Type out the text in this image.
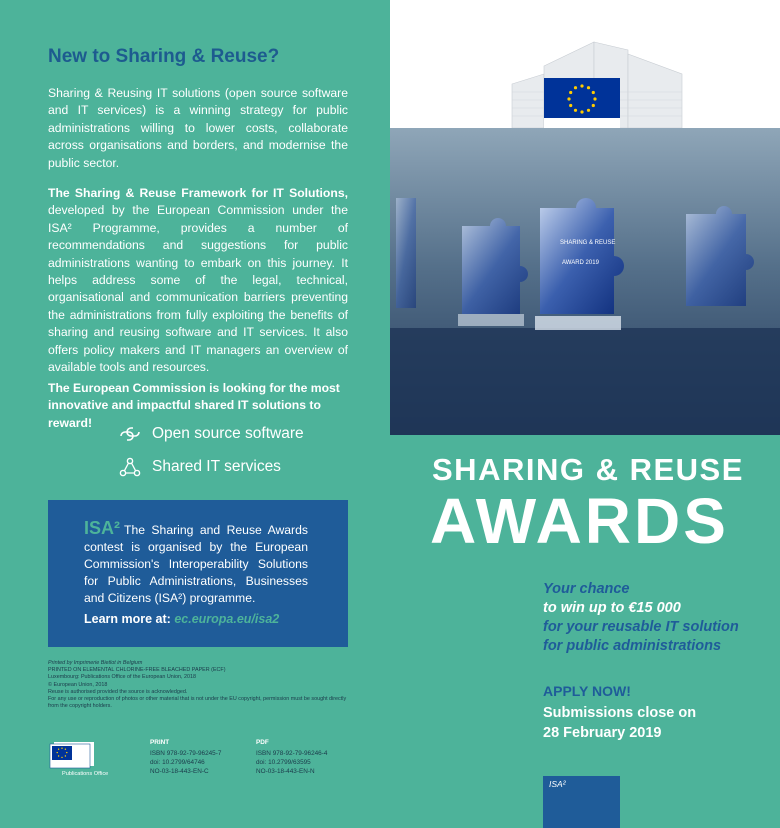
New to Sharing & Reuse?

Sharing & Reusing IT solutions (open source software and IT services) is a winning strategy for public administrations willing to lower costs, collaborate across organisations and borders, and modernise the public sector.

The Sharing & Reuse Framework for IT Solutions, developed by the European Commission under the ISA² Programme, provides a number of recommendations and suggestions for public administrations wanting to embark on this journey. It helps address some of the legal, technical, organisational and communication barriers preventing the administrations from fully exploiting the benefits of sharing and reusing software and IT services. It also offers policy makers and IT managers an overview of available tools and resources.

The European Commission is looking for the most innovative and impactful shared IT solutions to reward!

Open source software
Shared IT services

ISA² The Sharing and Reuse Awards contest is organised by the European Commission's Interoperability Solutions for Public Administrations, Businesses and Citizens (ISA²) programme.

Learn more at: ec.europa.eu/isa2
Printed by Imprimerie Bietlot in Belgium
PRINTED ON ELEMENTAL CHLORINE-FREE BLEACHED PAPER (ECF)
Luxembourg: Publications Office of the European Union, 2018
© European Union, 2018
Reuse is authorised provided the source is acknowledged.
For any use or reproduction of photos or other material that is not under the EU copyright, permission must be sought directly from the copyright holders.
Publications Office
PRINT
ISBN 978-92-79-96245-7
doi: 10.2799/64746
NO-03-18-443-EN-C
PDF
ISBN 978-92-79-96246-4
doi: 10.2799/63595
NO-03-18-443-EN-N
SHARING & REUSE
AWARD 2019
SHARING & REUSE
AWARDS
Your chance
to win up to €15 000
for your reusable IT solution
for public administrations
APPLY NOW!
Submissions close on
28 February 2019
ISA²
